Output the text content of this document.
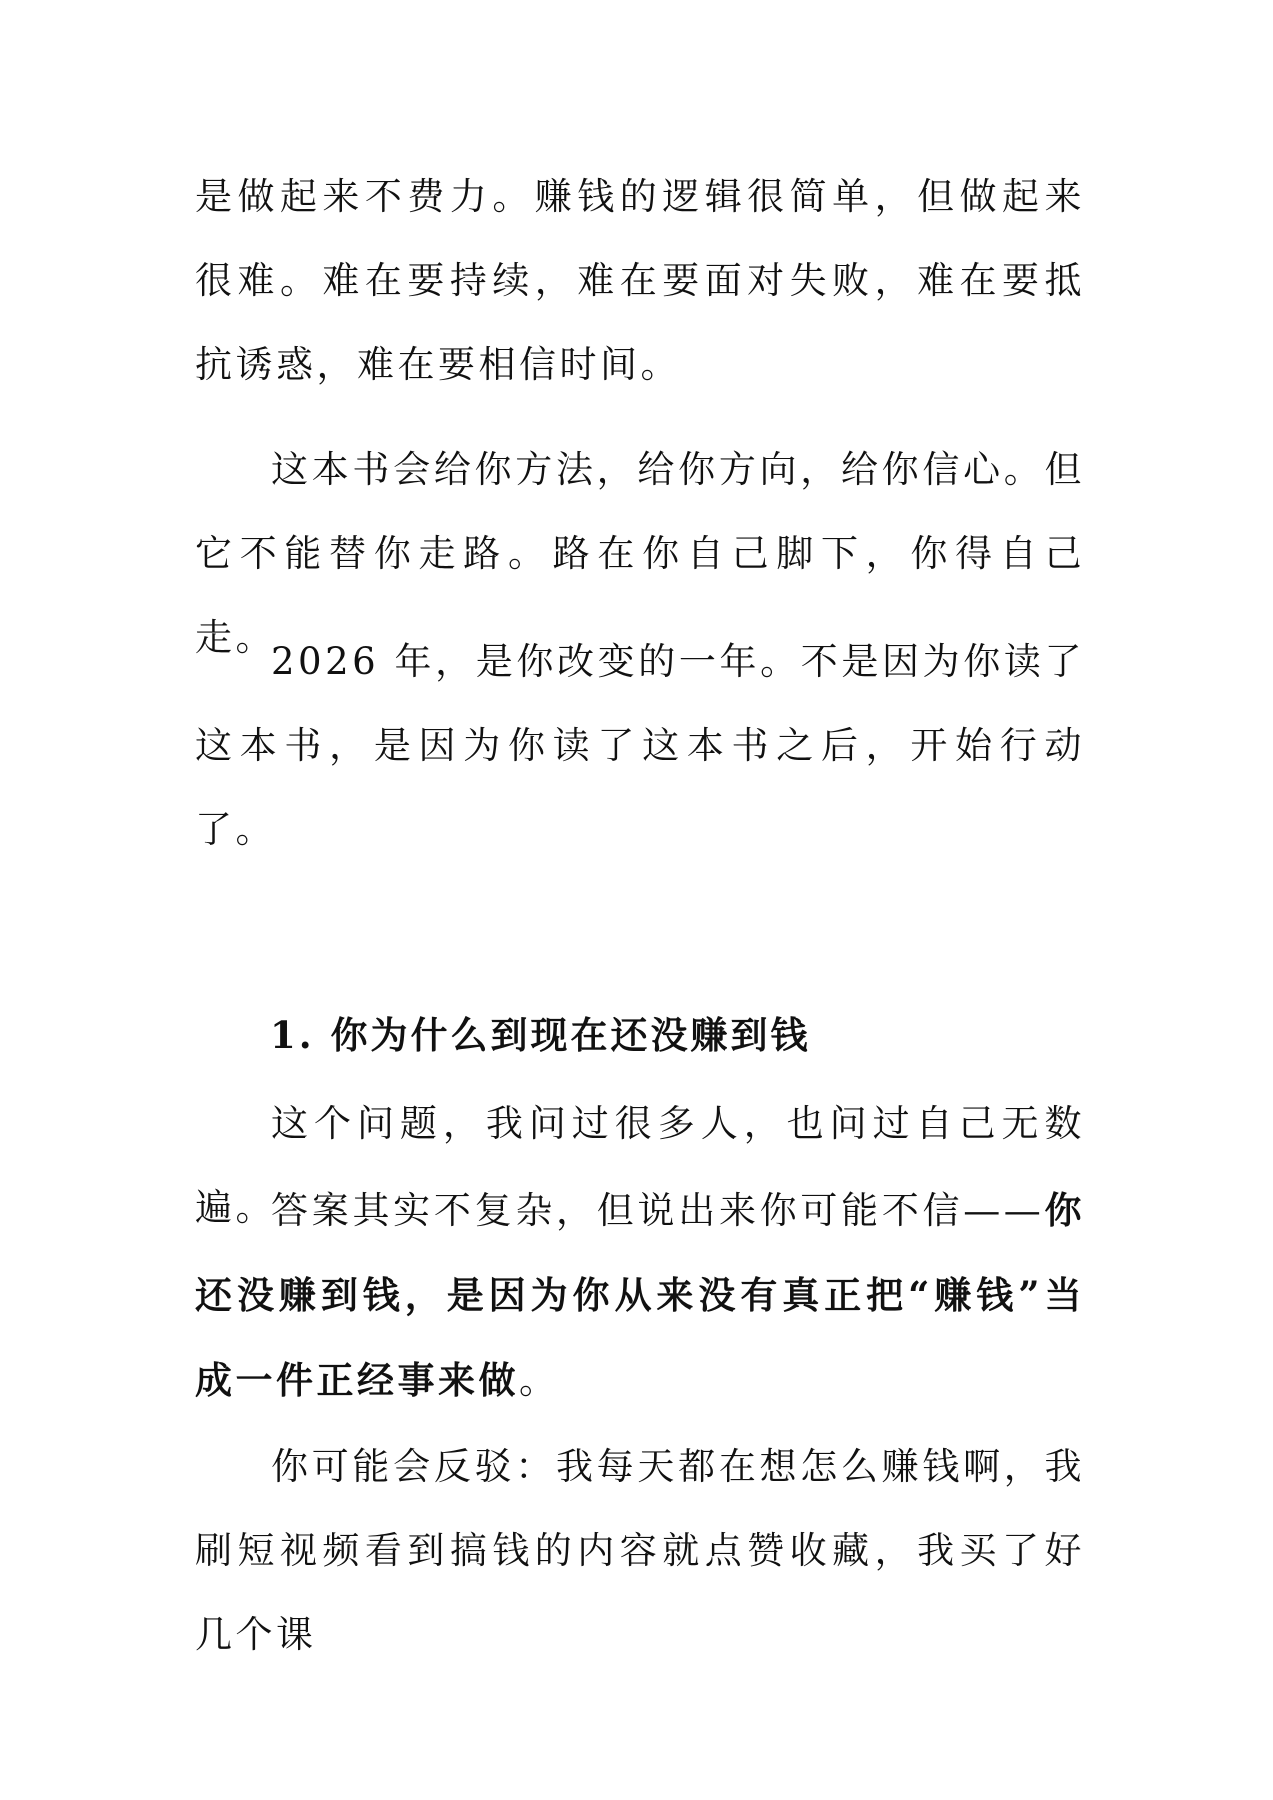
是做起来不费力。赚钱的逻辑很简单，但做起来很难。难在要持续，难在要面对失败，难在要抵抗诱惑，难在要相信时间。

这本书会给你方法，给你方向，给你信心。但它不能替你走路。路在你自己脚下，你得自己走。

2026 年，是你改变的一年。不是因为你读了这本书，是因为你读了这本书之后，开始行动了。

1. 你为什么到现在还没赚到钱

这个问题，我问过很多人，也问过自己无数遍。

答案其实不复杂，但说出来你可能不信——你还没赚到钱，是因为你从来没有真正把“赚钱”当成一件正经事来做。

你可能会反驳：我每天都在想怎么赚钱啊，我刷短视频看到搞钱的内容就点赞收藏，我买了好几个课
